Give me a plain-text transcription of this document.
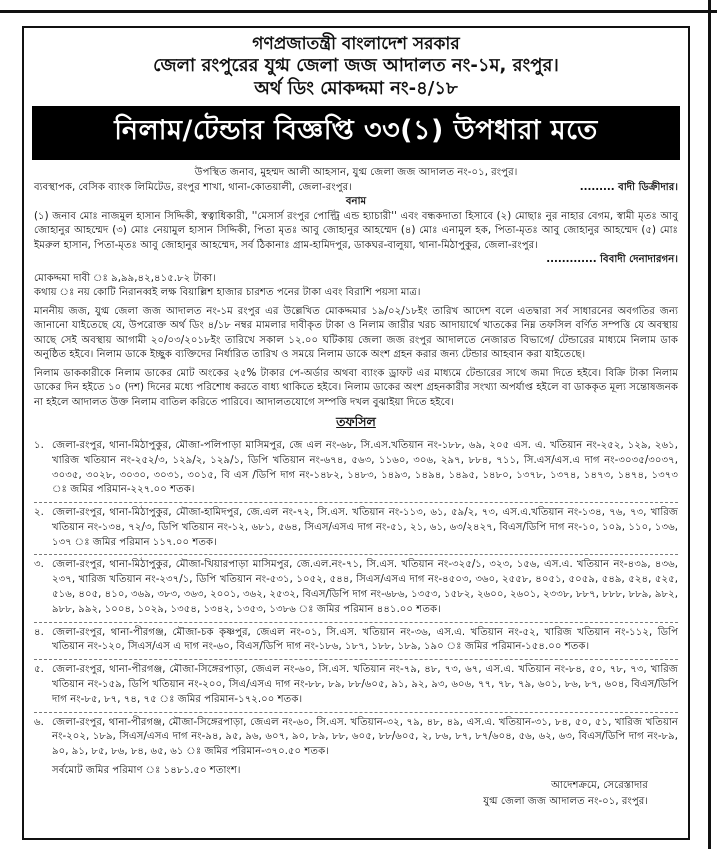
গণপ্রজাতন্ত্রী বাংলাদেশ সরকার
জেলা রংপুরের যুগ্ম জেলা জজ আদালত নং-১ম, রংপুর।
অর্থ ডিং মোকদ্দমা নং-৪/১৮
নিলাম/টেন্ডার বিজ্ঞপ্তি ৩৩(১) উপধারা মতে

উপস্থিত জনাব, মুহম্মদ আলী আহসান, যুগ্ম জেলা জজ আদালত নং-০১, রংপুর।

ব্যবস্থাপক, বেসিক ব্যাংক লিমিটেড, রংপুর শাখা, থানা-কোতয়ালী, জেলা-রংপুর।	......... বাদী ডিক্রীদার।

বনাম

(১) জনাব মোঃ নাজমুল হাসান সিদ্দিকী, স্বত্বাধিকারী, ''মেসার্স রংপুর পোল্ট্রি এন্ড হ্যাচারী'' এবং বন্ধকদাতা হিসাবে (২) মোছাঃ নুর নাহার বেগম, স্বামী মৃতঃ আবু জোহানুর আহম্মেদ (৩) মোঃ নেয়ামুল হাসান সিদ্দিকী, পিতা মৃতঃ আবু জোহানুর আহম্মেদ (৪) মোঃ এনামুল হক, পিতা-মৃতঃ আবু জোহানুর আহম্মেদ (৫) মোঃ ইমরুল হাসান, পিতা-মৃতঃ আবু জোহানুর আহম্মেদ, সর্ব ঠিকানাঃ গ্রাম-হামিদপুর, ডাকঘর-বালুয়া, থানা-মিঠাপুকুর, জেলা-রংপুর।

............. বিবাদী দেনাদারগন।

মোকদ্দমা দাবী ঃ ৯,৯৯,৪২,৪১৫.৮২ টাকা।

কথায় ঃ নয় কোটি নিরানব্বই লক্ষ বিয়াল্লিশ হাজার চারশত পনের টাকা এবং বিরাশি পয়সা মাত্র।

মাননীয় জজ, যুগ্ম জেলা জজ আদালত নং-১ম রংপুর এর উল্লেখিত মোকদ্দমার ১৯/০২/১৮ইং তারিখ আদেশ বলে এতদ্বারা সর্ব সাধারনের অবগতির জন্য জানানো যাইতেছে যে, উপরোক্ত অর্থ ডিং ৪/১৮ নম্বর মামলার দাবীকৃত টাকা ও নিলাম জারীর খরচ আদায়ার্থে খাতকের নিম্ন তফসিল বর্ণিত সম্পত্তি যে অবস্থায় আছে সেই অবস্থায় আগামী ২০/০৩/২০১৮ইং তারিখে সকাল ১২.০০ ঘটিকায় জেলা জজ রংপুর আদালতে নেজারত বিভাগে/ টেন্ডারের মাধ্যমে নিলাম ডাক অনুষ্ঠিত হইবে। নিলাম ডাকে ইচ্ছুক ব্যক্তিদের নির্ধারিত তারিখ ও সময়ে নিলাম ডাকে অংশ গ্রহন করার জন্য টেন্ডার আহবান করা যাইতেছে।

নিলাম ডাককারীকে নিলাম ডাকের মোট অংকের ২৫% টাকার পে-অর্ডার অথবা ব্যাংক ড্রাফট এর মাধ্যমে টেন্ডারের সাথে জমা দিতে হইবে। বিক্রি টাকা নিলাম ডাকের দিন হইতে ১০ (দশ) দিনের মধ্যে পরিশোধ করতে বাধ্য থাকিতে হইবে। নিলাম ডাকের অংশ গ্রহনকারীর সংখ্যা অপর্যাপ্ত হইলে বা ডাককৃত মূল্য সন্তোষজনক না হইলে আদালত উক্ত নিলাম বাতিল করিতে পারিবে। আদালতযোগে সম্পত্তি দখল বুঝাইয়া দিতে হইবে।

তফসিল
১. জেলা-রংপুর, থানা-মিঠাপুকুর, মৌজা-পলিপাড়া মাসিমপুর, জে এল নং-৬৮, সি.এস.খতিয়ান নং-১৮৮, ৬৯, ২০৫ এস. এ. খতিয়ান নং-২৫২, ১২৯, ২৬১, খারিজ খতিয়ান নং-২৫২/৩, ১২৯/২, ১২৯/১, ডিপি খতিয়ান নং-৬৭৪, ৫৬৩, ১১৬০, ৩০৬, ২৯৭, ৮৮৪, ৭১১, সি.এস/এস.এ দাগ নং-৩০৩৫/৩০৩৭, ৩০৩৫, ৩০২৮, ৩০৩০, ৩০৩১, ৩০১৫, বি এস /ডিপি দাগ নং-১৪৮২, ১৪৮৩, ১৪৯৩, ১৪৯৪, ১৪৯৫, ১৪৮০, ১৩৭৮, ১৩৭৪, ১৪৭৩, ১৪৭৪, ১৩৭৩ ঃ জমির পরিমান-২২৭.০০ শতক।
২. জেলা-রংপুর, থানা-মিঠাপুকুর, মৌজা-হামিদপুর, জে.এল নং-৭২, সি.এস. খতিয়ান নং-১১৩, ৬১, ৫৯/২, ৭৩, এস.এ.খতিয়ান নং-১৩৪, ৭৬, ৭৩, খারিজ খতিয়ান নং-১৩৪, ৭২/৩, ডিপি খতিয়ান নং-১২, ৬৮১, ৫৬৪, সিএস/এসএ দাগ নং-৫১, ২১, ৬১, ৬৩/২৪২৭, বিএস/ডিপি দাগ নং-১০, ১০৯, ১১০, ১৩৬, ১৩৭ ঃ জমির পরিমান ১১৭.০০ শতক।
৩. জেলা-রংপুর, থানা-মিঠাপুকুর, মৌজা-খিয়ারপাড়া মাসিমপুর, জে.এল.নং-৭১, সি.এস. খতিয়ান নং-৩২৫/১, ৩২৩, ১৫৬, এস.এ. খতিয়ান নং-৪৩৯, ৪৩৬, ২৩৭, খারিজ খতিয়ান নং-২৩৭/১, ডিপি খতিয়ান নং-৫৩১, ১০৫২, ৫৪৪, সিএস/এসএ দাগ নং-৪৫০৩, ৩৬০, ২৫৫৮, ৪০৫১, ৫০৫৯, ৫৪৯, ৫২৪, ৫২৫, ৫১৬, ৪০৫, ৪১০, ৩৬৯, ৩৮৩, ৩৬৩, ২০০১, ৩৬২, ২৫৩২, বিএস/ডিপি দাগ নং-৬৮৬, ১৩৫৩, ১৫৮২, ২৬০০, ২৬০১, ২৩৩৮, ৮৮৭, ৮৮৮, ৮৮৯, ৯৮২, ৯৮৮, ৯৯২, ১০০৪, ১০২৯, ১৩৫৪, ১৩৪২, ১৩৫৩, ১৩৮৬ ঃ জমির পরিমান ৪৪১.০০ শতক।
৪. জেলা-রংপুর, থানা-পীরগঞ্জ, মৌজা-চক কৃষ্ণপুর, জেএল নং-০১, সি.এস. খতিয়ান নং-৩৬, এস.এ. খতিয়ান নং-৫২, খারিজ খতিয়ান নং-১১২, ডিপি খতিয়ান নং-১২০, সিএস/এস এ দাগ নং-৬০, বিএস/ডিপি দাগ নং-১৮৬, ১৮৭, ১৮৮, ১৮৯, ১৯০ ঃ জমির পরিমান-১৫৪.০০ শতক।
৫. জেলা-রংপুর, থানা-পীরগঞ্জ, মৌজা-সিঙ্গেরপাড়া, জেএল নং-৬০, সি.এস. খতিয়ান নং-৭৯, ৪৮, ৭৩, ৬৭, এস.এ. খতিয়ান নং-৮৪, ৫০, ৭৮, ৭৩, খারিজ খতিয়ান নং-১৫৯, ডিপি খতিয়ান নং-২০০, সিএ/এসএ দাগ নং-৮৮, ৮৯, ৮৮/৬০৫, ৯১, ৯২, ৯৩, ৬০৬, ৭৭, ৭৮, ৭৯, ৬০১, ৮৬, ৮৭, ৬০৪, বিএস/ডিপি দাগ নং-৮৫, ৮৭, ৭৪, ৭৫ ঃ জমির পরিমান-১৭২.০০ শতক।
৬. জেলা-রংপুর, থানা-পীরগঞ্জ, মৌজা-সিঙ্গেরপাড়া, জেএল নং-৬০, সি.এস. খতিয়ান-৩২, ৭৯, ৪৮, ৪৯, এস.এ. খতিয়ান-৩১, ৮৪, ৫০, ৫১, খারিজ খতিয়ান নং-২০২, ১৮৯, সিএস/এসএ দাগ নং-৯৪, ৯৫, ৯৬, ৬০৭, ৯০, ৮৯, ৮৮, ৬০৫, ৮৮/৬০৫, ২, ৮৬, ৮৭, ৮৭/৬০৪, ৫৬, ৬২, ৬৩, বিএস/ডিপি দাগ নং-৮৯, ৯০, ৯১, ৮৫, ৮৬, ৮৪, ৬৫, ৬১ ঃ জমির পরিমান-৩৭০.৫০ শতক।

সর্বমোট জমির পরিমাণ ঃ ১৪৮১.৫০ শতাংশ।

আদেশক্রমে, সেরেস্তাদার
যুগ্ম জেলা জজ আদালত নং-০১, রংপুর।
